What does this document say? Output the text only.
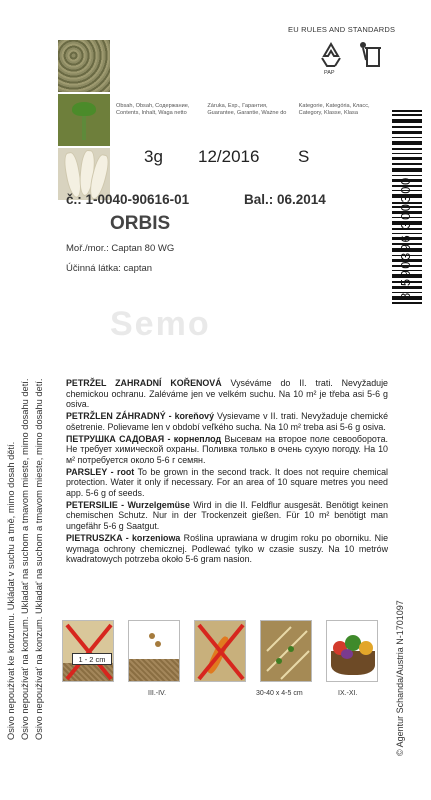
Osivo nepoužívat ke konzumu. Ukládat v suchu a tmě, mimo dosah dětí. Osivo nepoužívať na konzum. Ukladať na suchom a tmavom mieste, mimo dosahu detí. Osivo nepoužívať na konzum. Ukladať na suchom a tmavom mieste, mimo dosahu detí.
Obsah, Obsah, Содержание, Contents, Inhalt, Waga netto
Záruka, Exp., Гарантия, Guarantee, Garantie, Ważne do
Kategorie, Kategória, Класс, Category, Klasse, Klasa
EU RULES AND STANDARDS
PAP
8 590396 300300
3g 12/2016 S
č.: 1-0040-90616-01	Bal.: 06.2014
ORBIS
Moř./mor.: Captan 80 WG
Účinná látka: captan
Semo

PETRŽEL ZAHRADNÍ KOŘENOVÁ Vyséváme do II. trati. Nevyžaduje chemickou ochranu. Zaléváme jen ve velkém suchu. Na 10 m² je třeba asi 5-6 g osiva.

PETRŽLEN ZÁHRADNÝ - koreňový Vysievame v II. trati. Nevyžaduje chemické ošetrenie. Polievame len v období veľkého sucha. Na 10 m² treba asi 5-6 g osiva.

ПЕТРУШКА САДОВАЯ - корнеплод Высевам на второе поле севооборота. Не требует химической охраны. Поливка только в очень сухую погоду. На 10 м² потребуется около 5-6 г семян.

PARSLEY - root To be grown in the second track. It does not require chemical protection. Water it only if necessary. For an area of 10 square metres you need app. 5-6 g of seeds.

PETERSILIE - Wurzelgemüse Wird in die II. Feldflur ausgesät. Benötigt keinen chemischen Schutz. Nur in der Trockenzeit gießen. Für 10 m² benötigt man ungefähr 5-6 g Saatgut.

PIETRUSZKA - korzeniowa Roślina uprawiana w drugim roku po oborniku. Nie wymaga ochrony chemicznej. Podlewać tylko w czasie suszy. Na 10 metrów kwadratowych potrzeba około 5-6 gram nasion.

1 - 2 cm
III.-IV.	30-40 x 4-5 cm	IX.-XI.	© Agentur Schanda/Austria N-1701097
